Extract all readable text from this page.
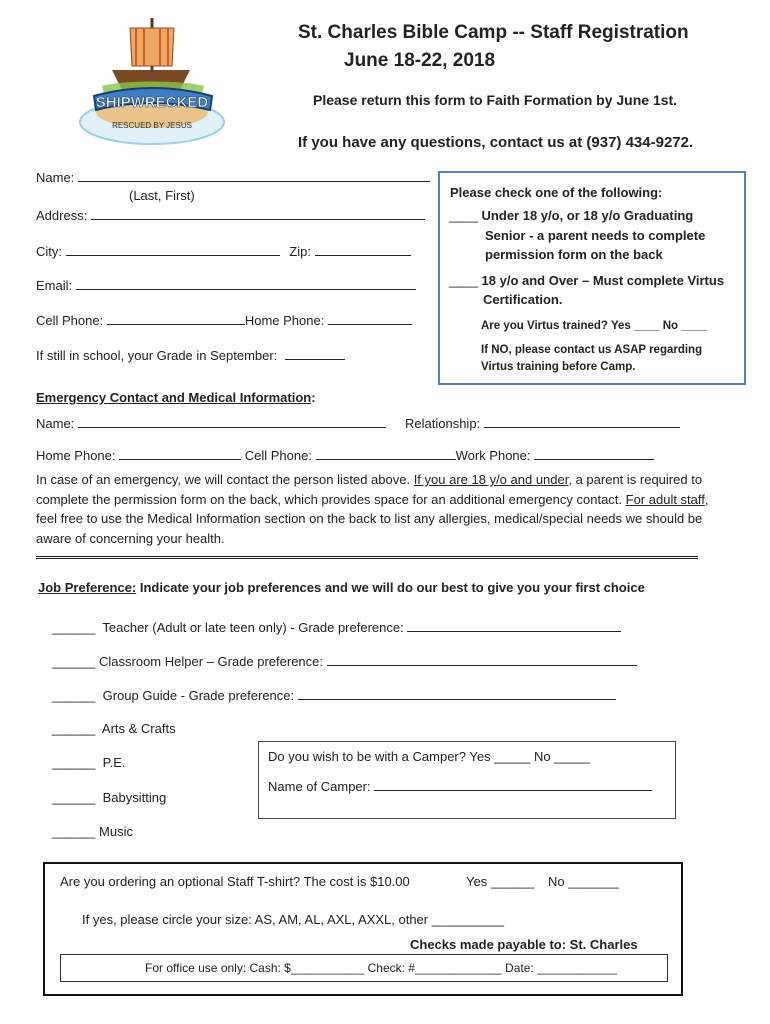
SHIPWRECKED
RESCUED BY JESUS
St. Charles Bible Camp -- Staff Registration
June 18-22, 2018
Please return this form to Faith Formation by June 1st.
If you have any questions, contact us at (937) 434-9272.
Name:
(Last, First)
Address:
City:	Zip:
Email:
Cell Phone:	Home Phone:
If still in school, your Grade in September:
Please check one of the following:
____ Under 18 y/o, or 18 y/o Graduating
Senior - a parent needs to complete
permission form on the back
____ 18 y/o and Over – Must complete Virtus
Certification.
Are you Virtus trained? Yes ____ No ____
If NO, please contact us ASAP regarding
Virtus training before Camp.
Emergency Contact and Medical Information:
Name:	Relationship:
Home Phone:	Cell Phone:	Work Phone:
In case of an emergency, we will contact the person listed above. If you are 18 y/o and under, a parent is required to complete the permission form on the back, which provides space for an additional emergency contact. For adult staff, feel free to use the Medical Information section on the back to list any allergies, medical/special needs we should be aware of concerning your health.
Job Preference: Indicate your job preferences and we will do our best to give you your first choice
______ Teacher (Adult or late teen only) - Grade preference:
______ Classroom Helper – Grade preference:
______ Group Guide - Grade preference:
______ Arts & Crafts
______ P.E.
______ Babysitting
______ Music
Do you wish to be with a Camper? Yes _____ No _____
Name of Camper:
Are you ordering an optional Staff T-shirt? The cost is $10.00	Yes ______ No _______
If yes, please circle your size: AS, AM, AL, AXL, AXXL, other __________
Checks made payable to: St. Charles
For office use only: Cash: $___________ Check: #_____________ Date: ____________
